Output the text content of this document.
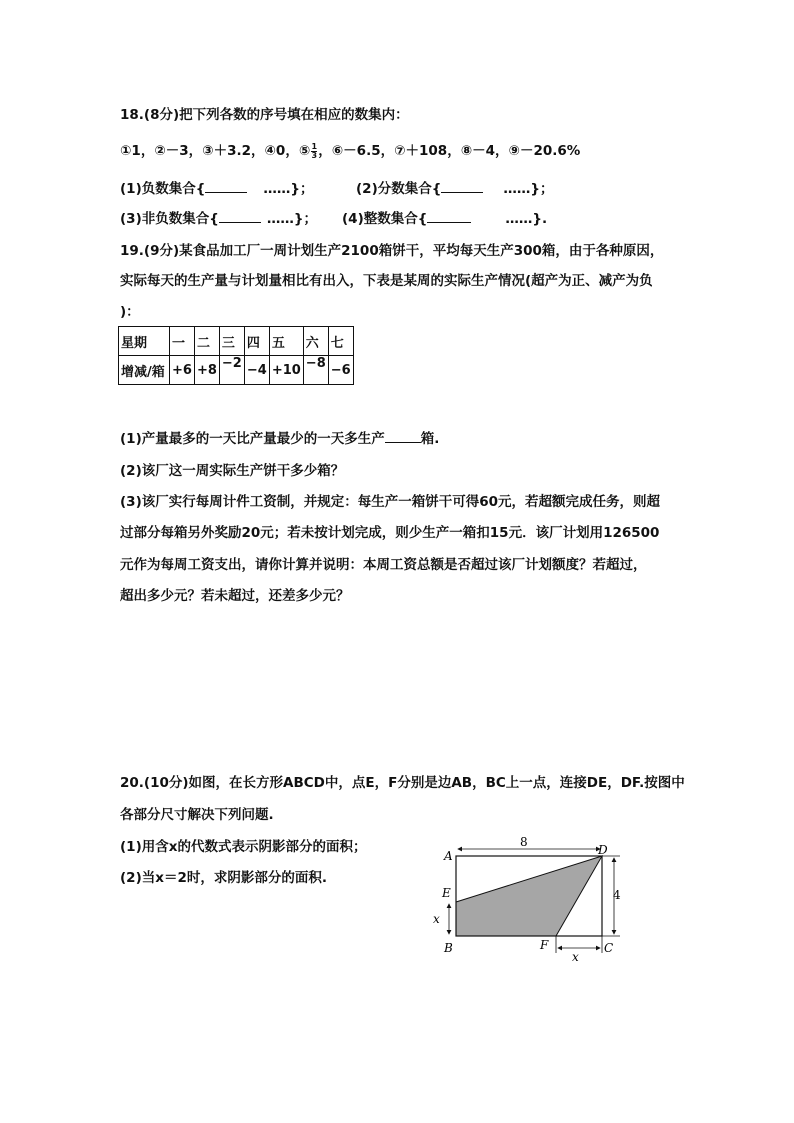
18.(8分)把下列各数的序号填在相应的数集内：
①1，②－3，③＋3.2，④0，⑤ $\frac{1}{3}$ ，⑥－6.5，⑦＋108，⑧－4，⑨－20.6%
(1)负数集合{	……}；	(2)分数集合{	……}；
(3)非负数集合{	……}； (4)整数集合{	……}.
19.(9分)某食品加工厂一周计划生产2100箱饼干，平均每天生产300箱，由于各种原因，
实际每天的生产量与计划量相比有出入，下表是某周的实际生产情况(超产为正、减产为负
)：
星期	一	二	三	四	五	六	七
增减/箱	+6	+8	−2	−4	+10	−8	−6
(1)产量最多的一天比产量最少的一天多生产	箱.
(2)该厂这一周实际生产饼干多少箱？
(3)该厂实行每周计件工资制，并规定：每生产一箱饼干可得60元，若超额完成任务，则超
过部分每箱另外奖励20元；若未按计划完成，则少生产一箱扣15元．该厂计划用126500
元作为每周工资支出，请你计算并说明：本周工资总额是否超过该厂计划额度？若超过，
超出多少元？若未超过，还差多少元？
20.(10分)如图，在长方形ABCD中，点E，F分别是边AB，BC上一点，连接DE，DF.按图中
各部分尺寸解决下列问题.
(1)用含x的代数式表示阴影部分的面积；
(2)当x＝2时，求阴影部分的面积.
A
B	C
D
E
F
8
4
x
x
